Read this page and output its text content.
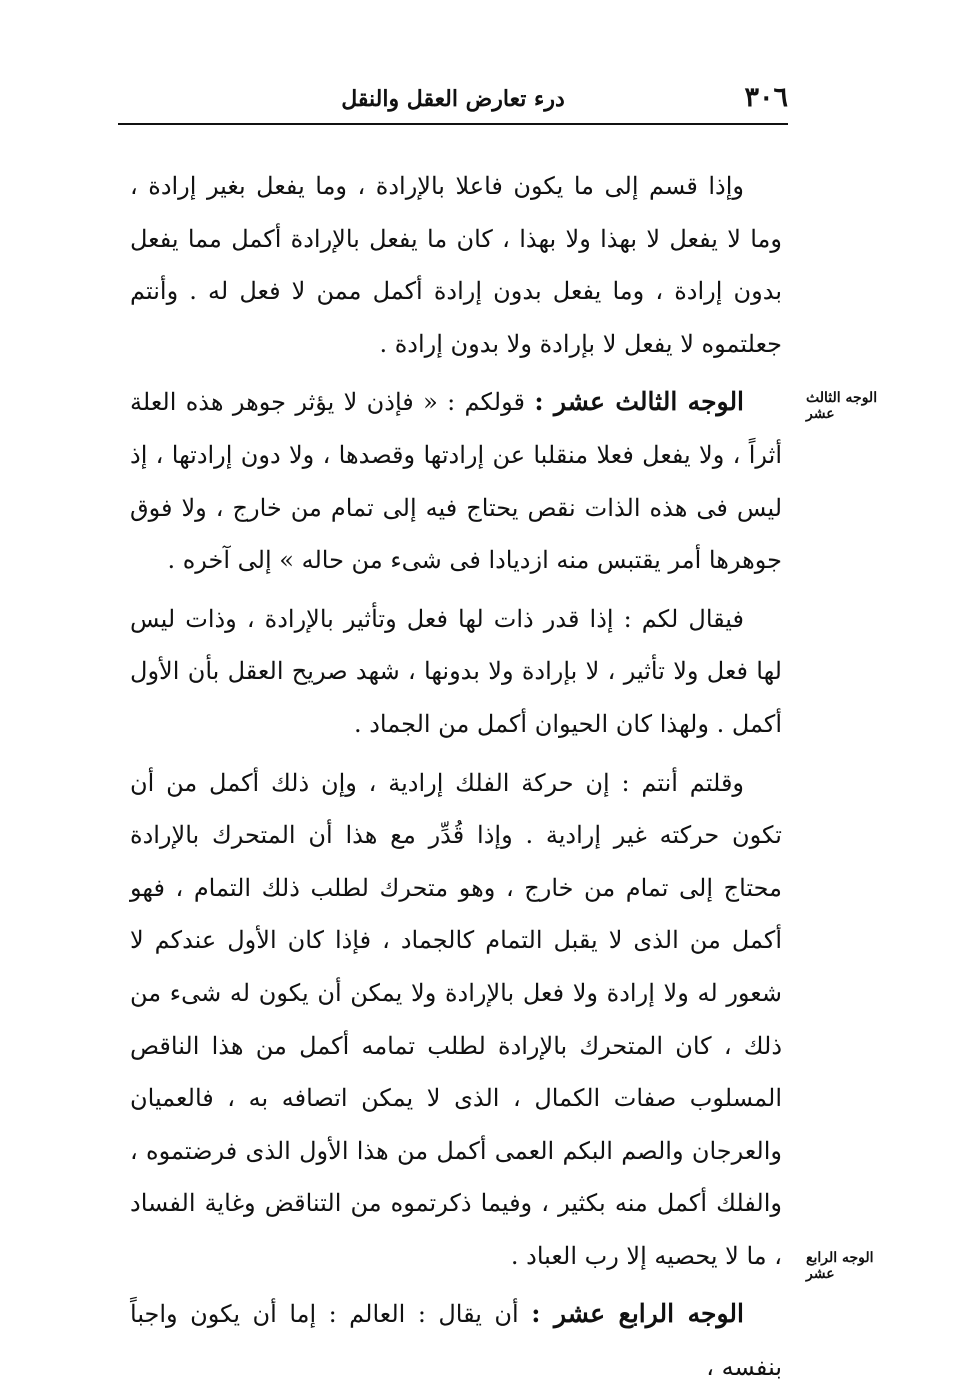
٣٠٦
درء تعارض العقل والنقل
الوجه الثالث عشر
الوجه الرابع عشر

وإذا قسم إلى ما يكون فاعلا بالإرادة ، وما يفعل بغير إرادة ، وما لا يفعل لا بهذا ولا بهذا ، كان ما يفعل بالإرادة أكمل مما يفعل بدون إرادة ، وما يفعل بدون إرادة أكمل ممن لا فعل له . وأنتم جعلتموه لا يفعل لا بإرادة ولا بدون إرادة .

الوجه الثالث عشر : قولكم : « فإذن لا يؤثر جوهر هذه العلة أثراً ، ولا يفعل فعلا منقلبا عن إرادتها وقصدها ، ولا دون إرادتها ، إذ ليس فى هذه الذات نقص يحتاج فيه إلى تمام من خارج ، ولا فوق جوهرها أمر يقتبس منه ازديادا فى شىء من حاله » إلى آخره .

فيقال لكم : إذا قدر ذات لها فعل وتأثير بالإرادة ، وذات ليس لها فعل ولا تأثير ، لا بإرادة ولا بدونها ، شهد صريح العقل بأن الأول أكمل . ولهذا كان الحيوان أكمل من الجماد .

وقلتم أنتم : إن حركة الفلك إرادية ، وإن ذلك أكمل من أن تكون حركته غير إرادية . وإذا قُدِّر مع هذا أن المتحرك بالإرادة محتاج إلى تمام من خارج ، وهو متحرك لطلب ذلك التمام ، فهو أكمل من الذى لا يقبل التمام كالجماد ، فإذا كان الأول عندكم لا شعور له ولا إرادة ولا فعل بالإرادة ولا يمكن أن يكون له شىء من ذلك ، كان المتحرك بالإرادة لطلب تمامه أكمل من هذا الناقص المسلوب صفات الكمال ، الذى لا يمكن اتصافه به ، فالعميان والعرجان والصم البكم العمى أكمل من هذا الأول الذى فرضتموه ، والفلك أكمل منه بكثير ، وفيما ذكرتموه من التناقض وغاية الفساد ، ما لا يحصيه إلا رب العباد .

الوجه الرابع عشر : أن يقال : العالم : إما أن يكون واجباً بنفسه ،
